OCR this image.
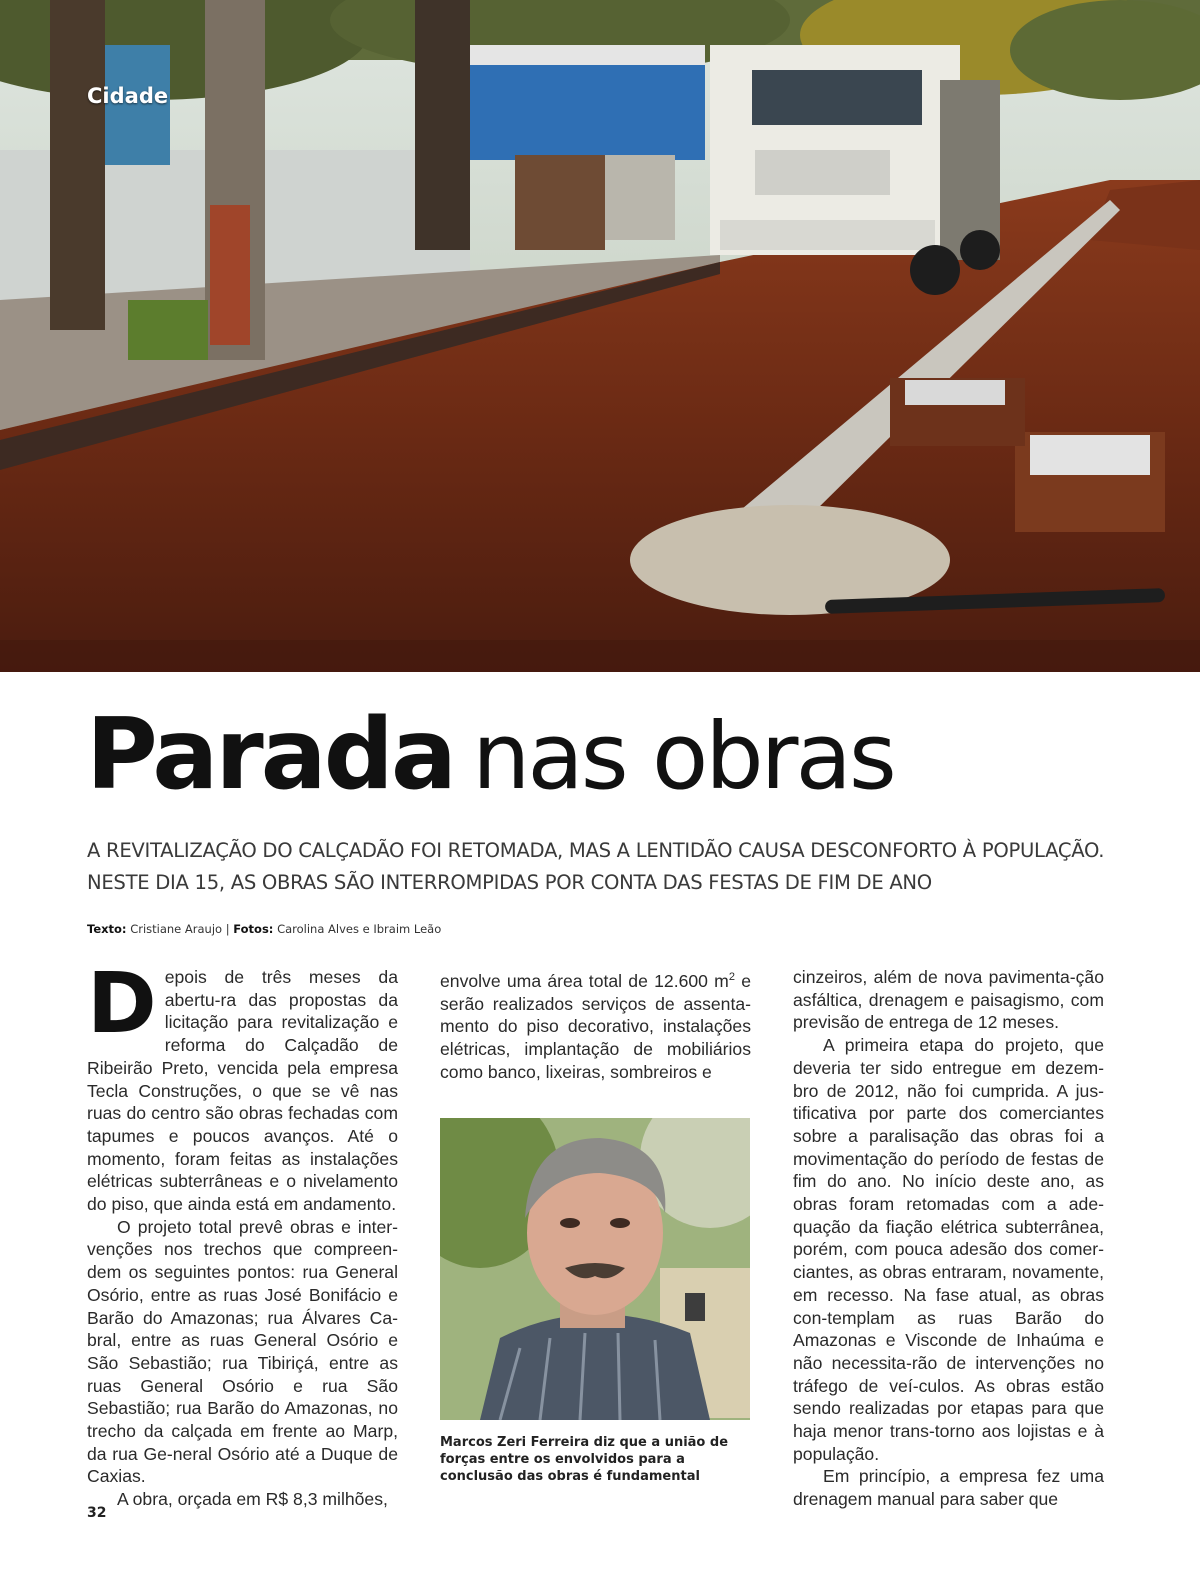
Cidade
Parada nas obras
A REVITALIZAÇÃO DO CALÇADÃO FOI RETOMADA, MAS A LENTIDÃO CAUSA DESCONFORTO À POPULAÇÃO.
NESTE DIA 15, AS OBRAS SÃO INTERROMPIDAS POR CONTA DAS FESTAS DE FIM DE ANO
Texto: Cristiane Araujo | Fotos: Carolina Alves e Ibraim Leão

Depois de três meses da abertu-ra das propostas da licitação para revitalização e reforma do Calçadão de Ribeirão Preto, vencida pela empresa Tecla Construções, o que se vê nas ruas do centro são obras fechadas com tapumes e poucos avanços. Até o momento, foram feitas as instalações elétricas subterrâneas e o nivelamento do piso, que ainda está em andamento.

O projeto total prevê obras e inter-venções nos trechos que compreen-dem os seguintes pontos: rua General Osório, entre as ruas José Bonifácio e Barão do Amazonas; rua Álvares Ca-bral, entre as ruas General Osório e São Sebastião; rua Tibiriçá, entre as ruas General Osório e rua São Sebastião; rua Barão do Amazonas, no trecho da calçada em frente ao Marp, da rua Ge-neral Osório até a Duque de Caxias.

A obra, orçada em R$ 8,3 milhões,

envolve uma área total de 12.600 $m^2$ e serão realizados serviços de assenta-mento do piso decorativo, instalações elétricas, implantação de mobiliários como banco, lixeiras, sombreiros e

Marcos Zeri Ferreira diz que a união de forças entre os envolvidos para a conclusão das obras é fundamental

cinzeiros, além de nova pavimenta-ção asfáltica, drenagem e paisagismo, com previsão de entrega de 12 meses.

A primeira etapa do projeto, que deveria ter sido entregue em dezem-bro de 2012, não foi cumprida. A jus-tificativa por parte dos comerciantes sobre a paralisação das obras foi a movimentação do período de festas de fim do ano. No início deste ano, as obras foram retomadas com a ade-quação da fiação elétrica subterrânea, porém, com pouca adesão dos comer-ciantes, as obras entraram, novamente, em recesso. Na fase atual, as obras con-templam as ruas Barão do Amazonas e Visconde de Inhaúma e não necessita-rão de intervenções no tráfego de veí-culos. As obras estão sendo realizadas por etapas para que haja menor trans-torno aos lojistas e à população.

Em princípio, a empresa fez uma drenagem manual para saber que

32
